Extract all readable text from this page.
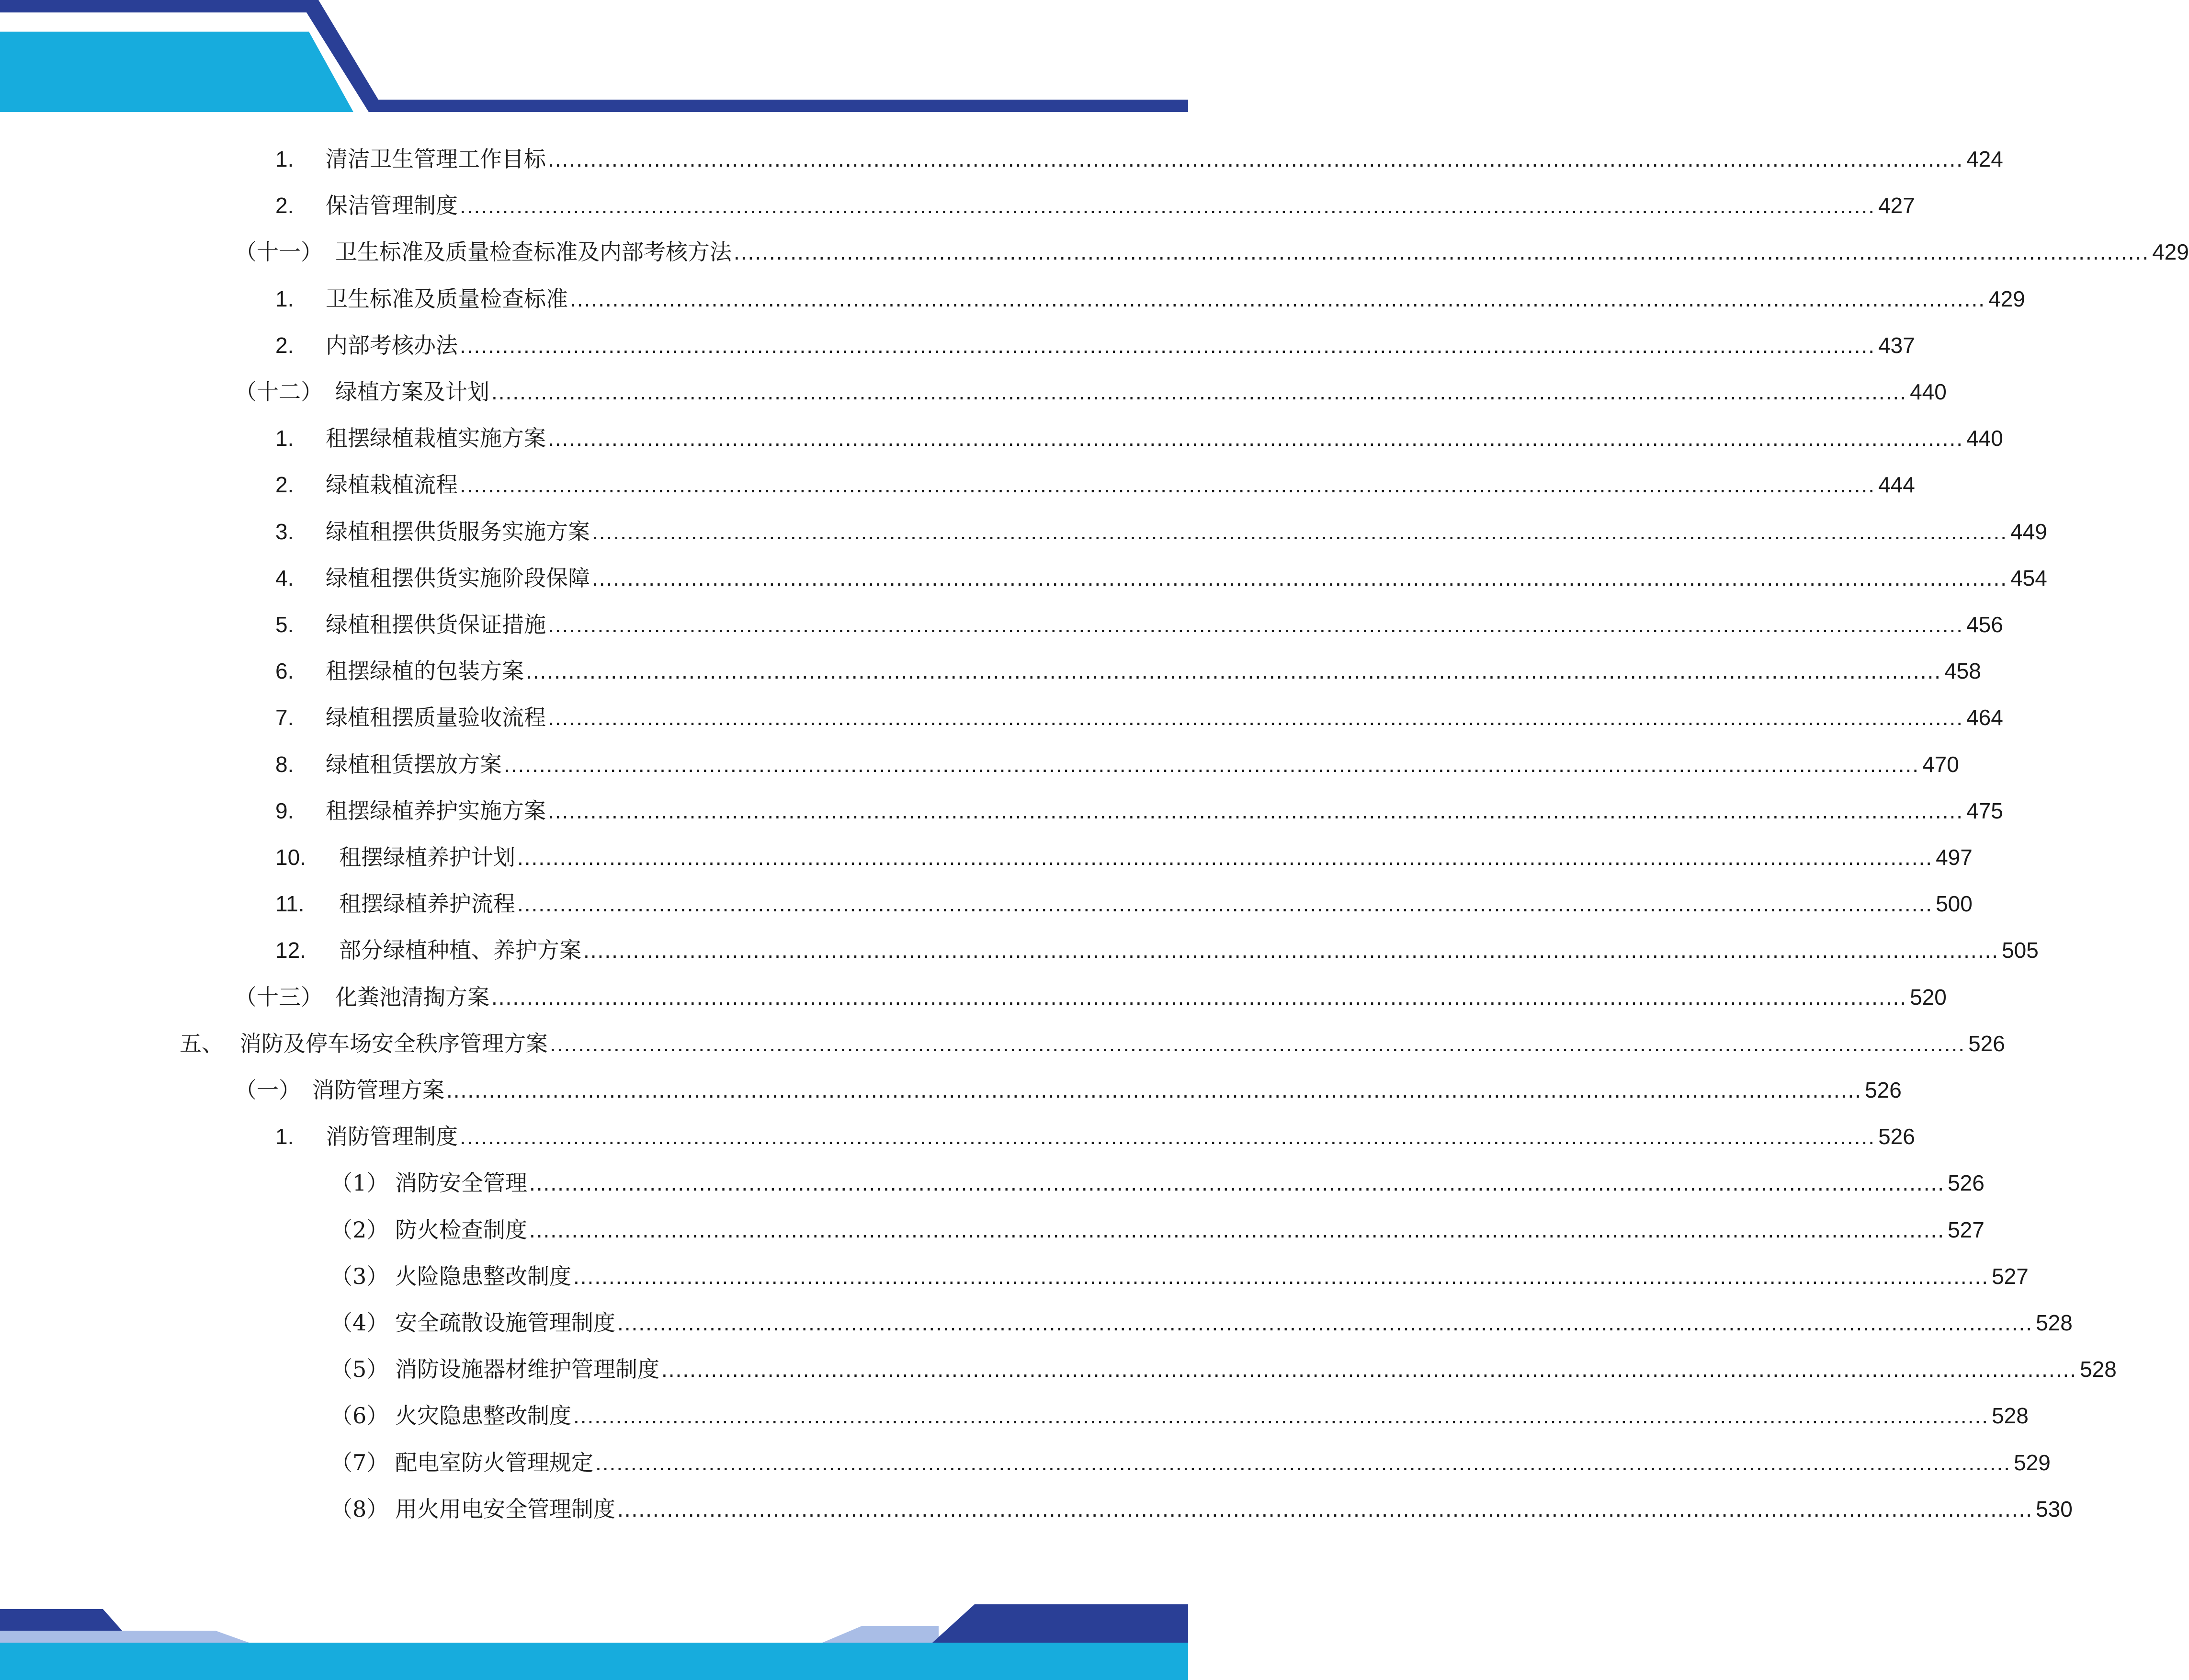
1. 清洁卫生管理工作目标 ........................................................................................................................................................................................................ 424
2. 保洁管理制度 ........................................................................................................................................................................................................ 427
（十一） 卫生标准及质量检查标准及内部考核方法 ........................................................................................................................................................................................................ 429
1. 卫生标准及质量检查标准 ........................................................................................................................................................................................................ 429
2. 内部考核办法 ........................................................................................................................................................................................................ 437
（十二） 绿植方案及计划 ........................................................................................................................................................................................................ 440
1. 租摆绿植栽植实施方案 ........................................................................................................................................................................................................ 440
2. 绿植栽植流程 ........................................................................................................................................................................................................ 444
3. 绿植租摆供货服务实施方案 ........................................................................................................................................................................................................ 449
4. 绿植租摆供货实施阶段保障 ........................................................................................................................................................................................................ 454
5. 绿植租摆供货保证措施 ........................................................................................................................................................................................................ 456
6. 租摆绿植的包装方案 ........................................................................................................................................................................................................ 458
7. 绿植租摆质量验收流程 ........................................................................................................................................................................................................ 464
8. 绿植租赁摆放方案 ........................................................................................................................................................................................................ 470
9. 租摆绿植养护实施方案 ........................................................................................................................................................................................................ 475
10. 租摆绿植养护计划 ........................................................................................................................................................................................................ 497
11. 租摆绿植养护流程 ........................................................................................................................................................................................................ 500
12. 部分绿植种植、养护方案 ........................................................................................................................................................................................................ 505
（十三） 化粪池清掏方案 ........................................................................................................................................................................................................ 520
五、 消防及停车场安全秩序管理方案 ........................................................................................................................................................................................................ 526
（一） 消防管理方案 ........................................................................................................................................................................................................ 526
1. 消防管理制度 ........................................................................................................................................................................................................ 526
（1） 消防安全管理 ........................................................................................................................................................................................................ 526
（2） 防火检查制度 ........................................................................................................................................................................................................ 527
（3） 火险隐患整改制度 ........................................................................................................................................................................................................ 527
（4） 安全疏散设施管理制度 ........................................................................................................................................................................................................ 528
（5） 消防设施器材维护管理制度 ........................................................................................................................................................................................................ 528
（6） 火灾隐患整改制度 ........................................................................................................................................................................................................ 528
（7） 配电室防火管理规定 ........................................................................................................................................................................................................ 529
（8） 用火用电安全管理制度 ........................................................................................................................................................................................................ 530
